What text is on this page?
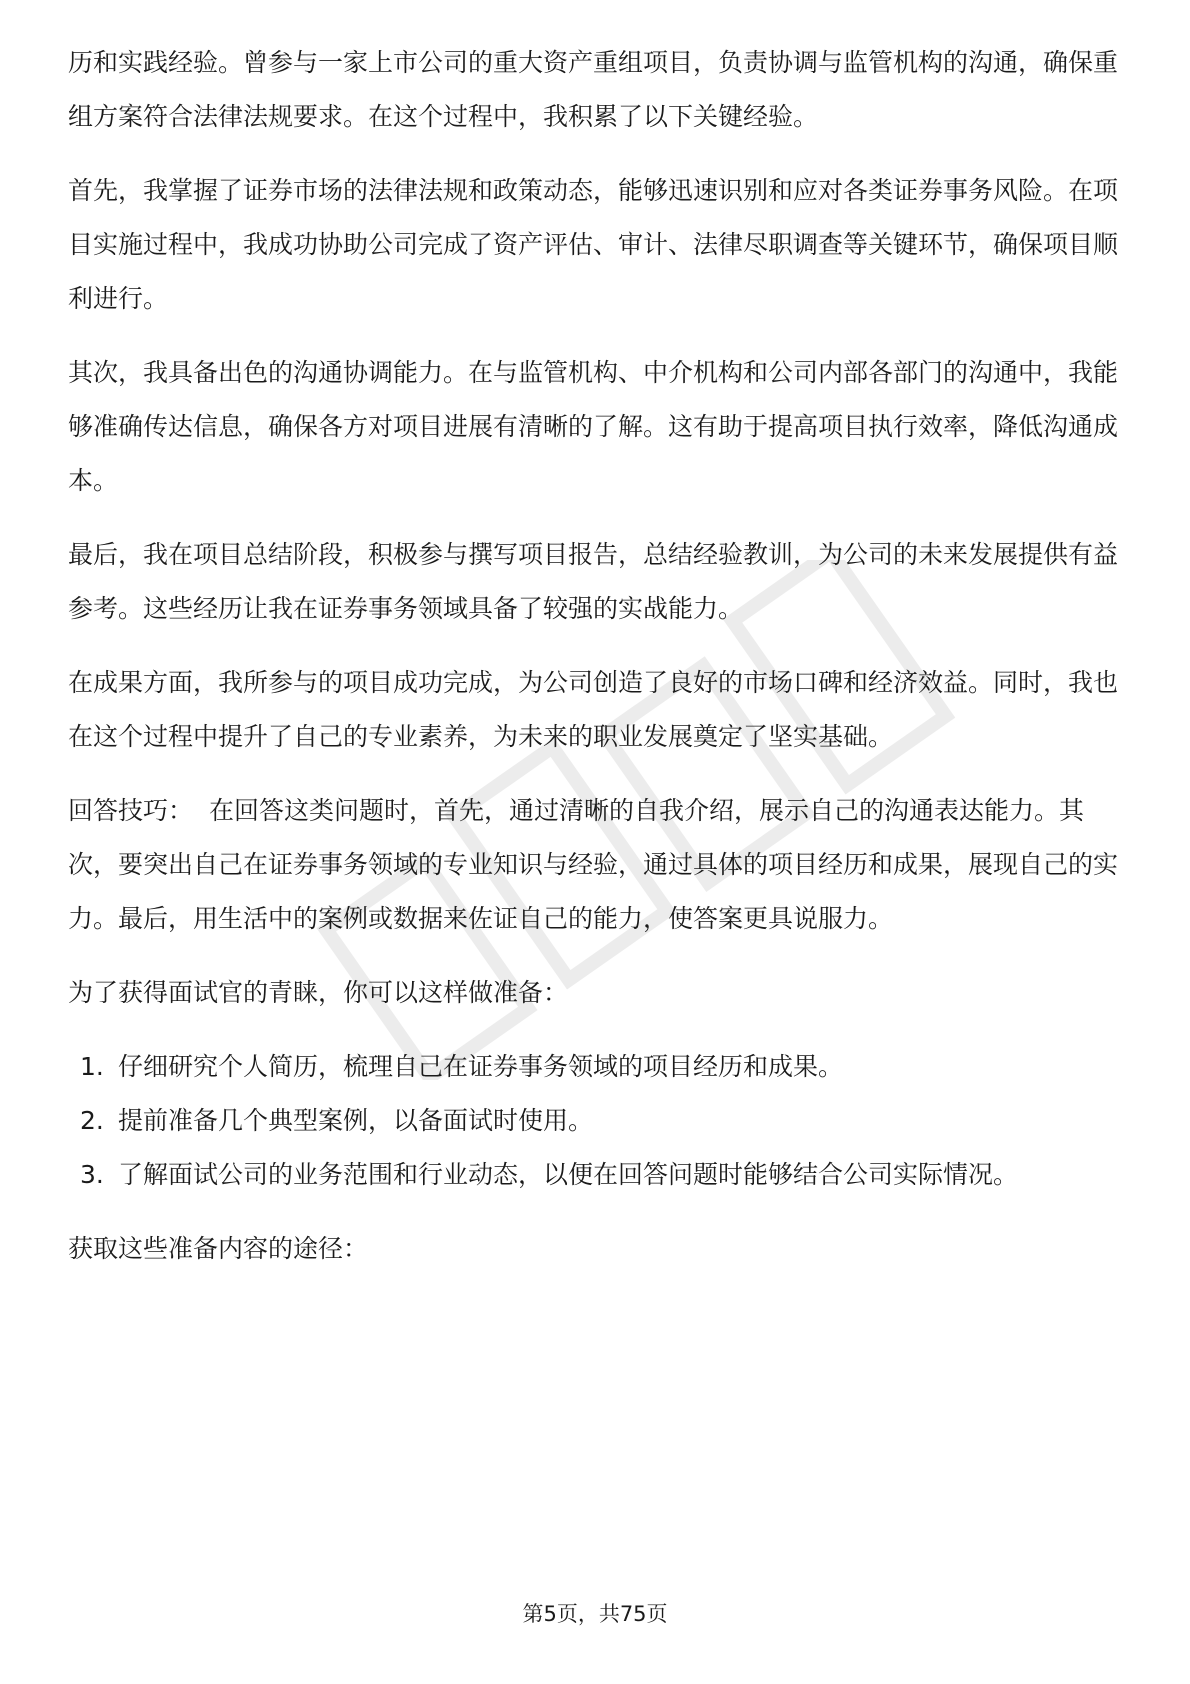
历和实践经验。曾参与一家上市公司的重大资产重组项目，负责协调与监管机构的沟通，确保重组方案符合法律法规要求。在这个过程中，我积累了以下关键经验。

首先，我掌握了证券市场的法律法规和政策动态，能够迅速识别和应对各类证券事务风险。在项目实施过程中，我成功协助公司完成了资产评估、审计、法律尽职调查等关键环节，确保项目顺利进行。

其次，我具备出色的沟通协调能力。在与监管机构、中介机构和公司内部各部门的沟通中，我能够准确传达信息，确保各方对项目进展有清晰的了解。这有助于提高项目执行效率，降低沟通成本。

最后，我在项目总结阶段，积极参与撰写项目报告，总结经验教训，为公司的未来发展提供有益参考。这些经历让我在证券事务领域具备了较强的实战能力。

在成果方面，我所参与的项目成功完成，为公司创造了良好的市场口碑和经济效益。同时，我也在这个过程中提升了自己的专业素养，为未来的职业发展奠定了坚实基础。

回答技巧： 在回答这类问题时，首先，通过清晰的自我介绍，展示自己的沟通表达能力。其次，要突出自己在证券事务领域的专业知识与经验，通过具体的项目经历和成果，展现自己的实力。最后，用生活中的案例或数据来佐证自己的能力，使答案更具说服力。

为了获得面试官的青睐，你可以这样做准备：

1. 仔细研究个人简历，梳理自己在证券事务领域的项目经历和成果。
2. 提前准备几个典型案例，以备面试时使用。
3. 了解面试公司的业务范围和行业动态，以便在回答问题时能够结合公司实际情况。

获取这些准备内容的途径：

第5页，共75页
